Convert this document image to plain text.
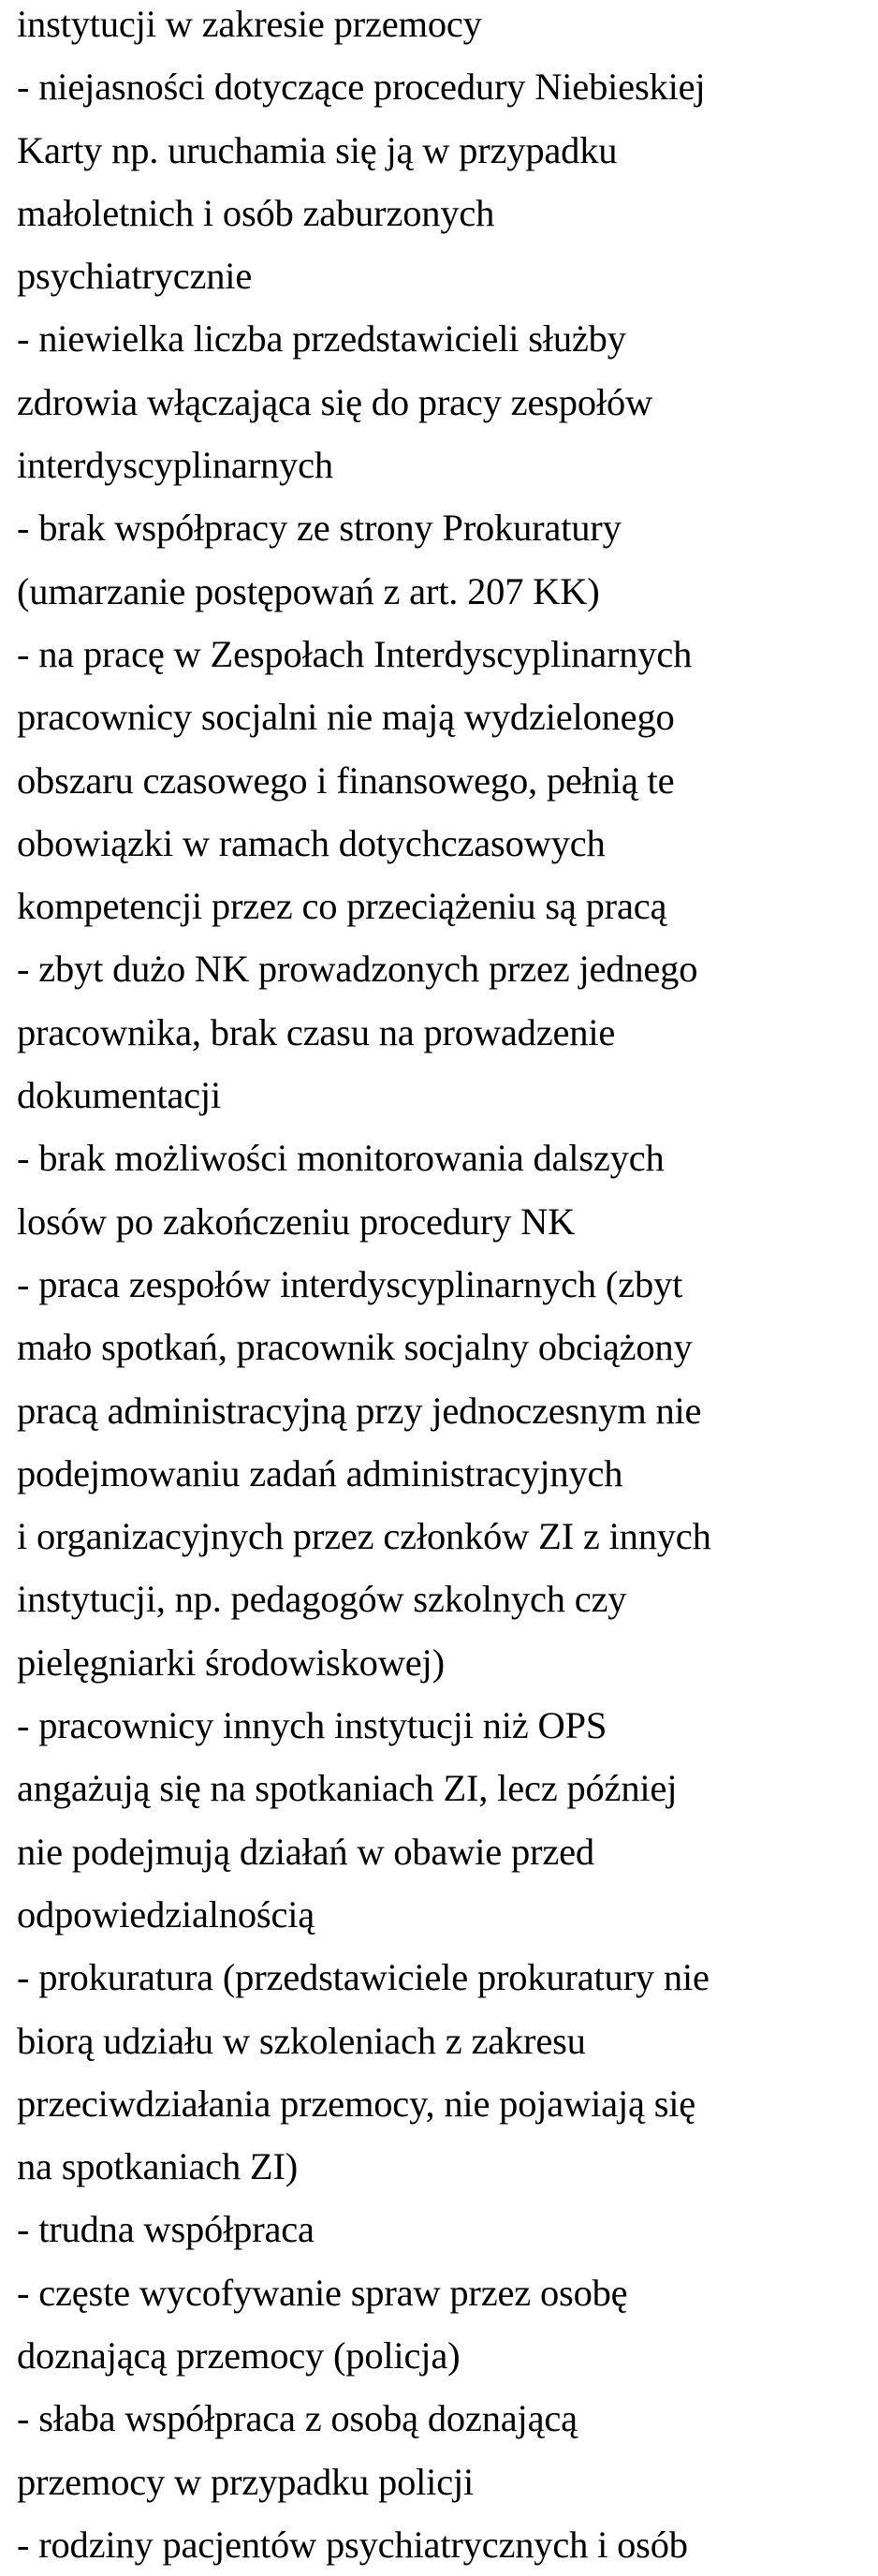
instytucji w zakresie przemocy
- niejasności dotyczące procedury Niebieskiej
Karty np. uruchamia się ją w przypadku
małoletnich i osób zaburzonych
psychiatrycznie
- niewielka liczba przedstawicieli służby
zdrowia włączająca się do pracy zespołów
interdyscyplinarnych
- brak współpracy ze strony Prokuratury
(umarzanie postępowań z art. 207 KK)
- na pracę w Zespołach Interdyscyplinarnych
pracownicy socjalni nie mają wydzielonego
obszaru czasowego i finansowego, pełnią te
obowiązki w ramach dotychczasowych
kompetencji przez co przeciążeniu są pracą
- zbyt dużo NK prowadzonych przez jednego
pracownika, brak czasu na prowadzenie
dokumentacji
- brak możliwości monitorowania dalszych
losów po zakończeniu procedury NK
- praca zespołów interdyscyplinarnych (zbyt
mało spotkań, pracownik socjalny obciążony
pracą administracyjną przy jednoczesnym nie
podejmowaniu zadań administracyjnych
i organizacyjnych przez członków ZI z innych
instytucji, np. pedagogów szkolnych czy
pielęgniarki środowiskowej)
- pracownicy innych instytucji niż OPS
angażują się na spotkaniach ZI, lecz później
nie podejmują działań w obawie przed
odpowiedzialnością
- prokuratura (przedstawiciele prokuratury nie
biorą udziału w szkoleniach z zakresu
przeciwdziałania przemocy, nie pojawiają się
na spotkaniach ZI)
- trudna współpraca
- częste wycofywanie spraw przez osobę
doznającą przemocy (policja)
- słaba współpraca z osobą doznającą
przemocy w przypadku policji
- rodziny pacjentów psychiatrycznych i osób
